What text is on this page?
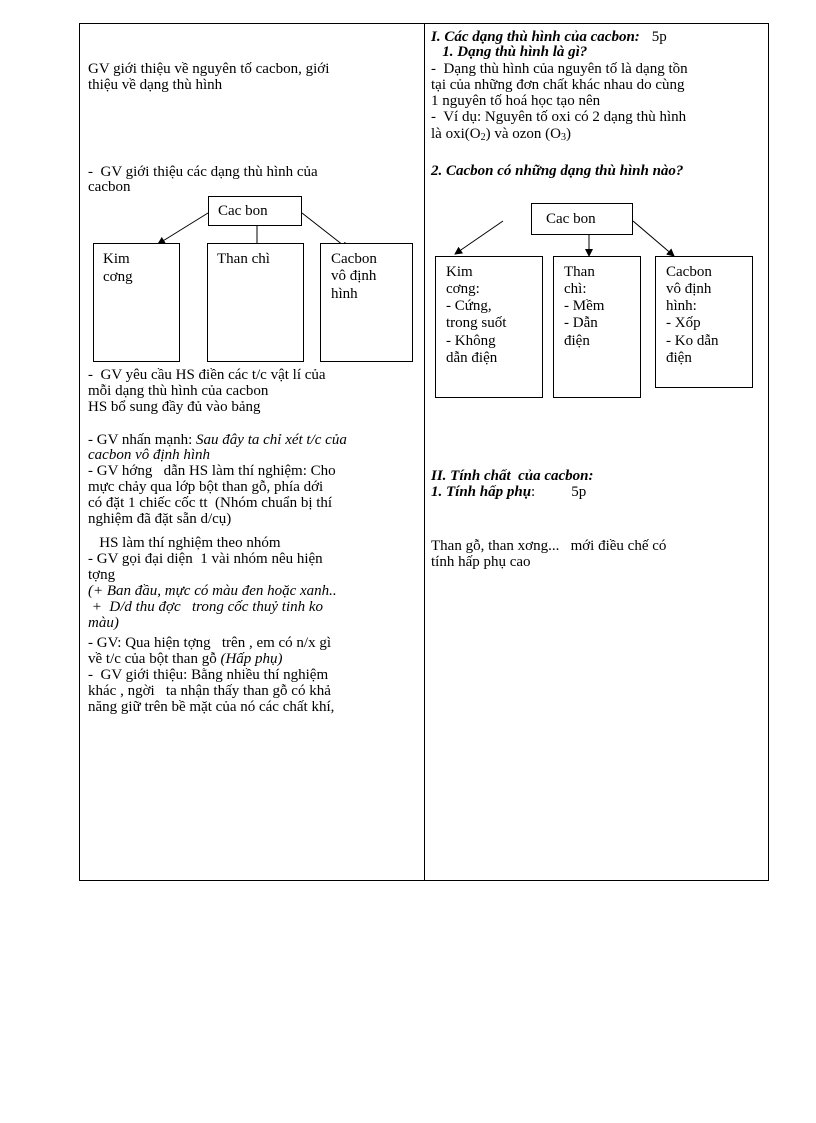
GV giới thiệu về nguyên tố cacbon, giới
thiệu về dạng thù hình
-  GV giới thiệu các dạng thù hình của
cacbon
Cac bon
Kim
cơng
Than chì	Cacbon
vô định
hình
-  GV yêu cầu HS điền các t/c vật lí của
mỗi dạng thù hình của cacbon
HS bổ sung đầy đủ vào bảng
- GV nhấn mạnh: Sau đây ta chỉ xét t/c của
cacbon vô định hình
- GV hớng   dẫn HS làm thí nghiệm: Cho
mực chảy qua lớp bột than gỗ, phía dới
có đặt 1 chiếc cốc tt  (Nhóm chuẩn bị thí
nghiệm đã đặt sẵn d/cụ)
HS làm thí nghiệm theo nhóm
- GV gọi đại diện  1 vài nhóm nêu hiện
tợng
(+ Ban đầu, mực có màu đen hoặc xanh..
+  D/d thu đợc   trong cốc thuỷ tinh ko
màu)
- GV: Qua hiện tợng   trên , em có n/x gì
về t/c của bột than gỗ (Hấp phụ)
-  GV giới thiệu: Bằng nhiều thí nghiệm
khác , ngời   ta nhận thấy than gỗ có khả
năng giữ trên bề mặt của nó các chất khí,
I. Các dạng thù hình của cacbon: 5p
1. Dạng thù hình là gì?
-  Dạng thù hình của nguyên tố là dạng tồn
tại của những đơn chất khác nhau do cùng
1 nguyên tố hoá học tạo nên
-  Ví dụ: Nguyên tố oxi có 2 dạng thù hình
là $oxi(O_2)$ và ozon $(O_3)$
2. Cacbon có những dạng thù hình nào?
Cac bon
Kim
cơng:
- Cứng,
trong suốt
- Không
dẫn điện
Than
chì:
- Mềm
- Dẫn
điện
Cacbon
vô định
hình:
- Xốp
- Ko dẫn
điện
II. Tính chất  của cacbon:
1. Tính hấp phụ: 5p
Than gỗ, than xơng...   mới điều chế có
tính hấp phụ cao
